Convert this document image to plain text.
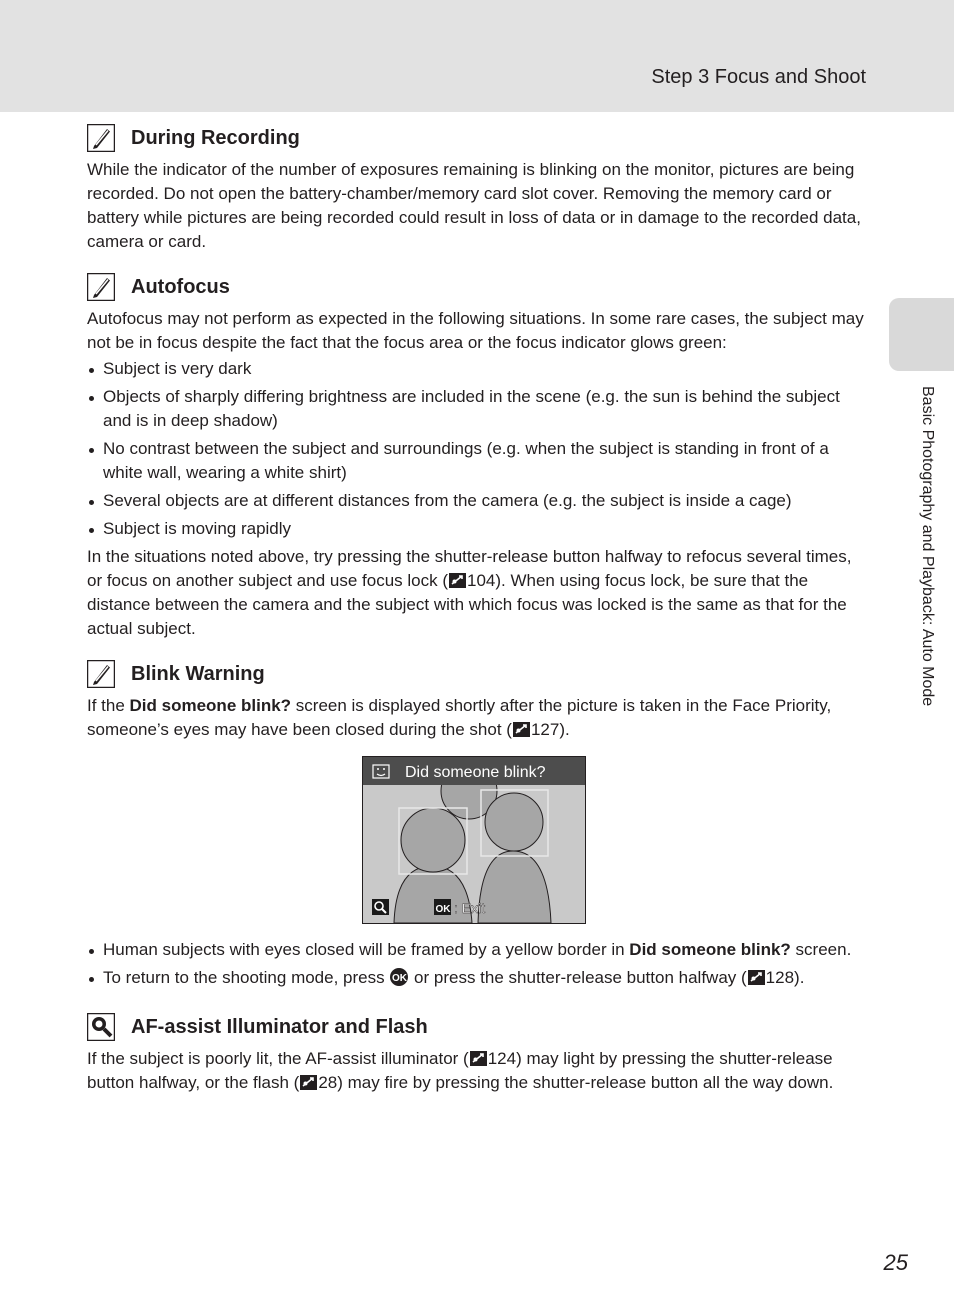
Step 3 Focus and Shoot
Basic Photography and Playback: Auto Mode
25
During Recording

While the indicator of the number of exposures remaining is blinking on the monitor, pictures are being recorded. Do not open the battery-chamber/memory card slot cover. Removing the memory card or battery while pictures are being recorded could result in loss of data or in damage to the recorded data, camera or card.

Autofocus

Autofocus may not perform as expected in the following situations. In some rare cases, the subject may not be in focus despite the fact that the focus area or the focus indicator glows green:

Subject is very dark
Objects of sharply differing brightness are included in the scene (e.g. the sun is behind the subject and is in deep shadow)
No contrast between the subject and surroundings (e.g. when the subject is standing in front of a white wall, wearing a white shirt)
Several objects are at different distances from the camera (e.g. the subject is inside a cage)
Subject is moving rapidly

In the situations noted above, try pressing the shutter-release button halfway to refocus several times, or focus on another subject and use focus lock ( 104). When using focus lock, be sure that the distance between the camera and the subject with which focus was locked is the same as that for the actual subject.

Blink Warning

If the Did someone blink? screen is displayed shortly after the picture is taken in the Face Priority, someone’s eyes may have been closed during the shot ( 127).

Did someone blink?
OK : Exit
Human subjects with eyes closed will be framed by a yellow border in Did someone blink? screen.
To return to the shooting mode, press OK or press the shutter-release button halfway ( 128).
AF-assist Illuminator and Flash

If the subject is poorly lit, the AF-assist illuminator ( 124) may light by pressing the shutter-release button halfway, or the flash ( 28) may fire by pressing the shutter-release button all the way down.
